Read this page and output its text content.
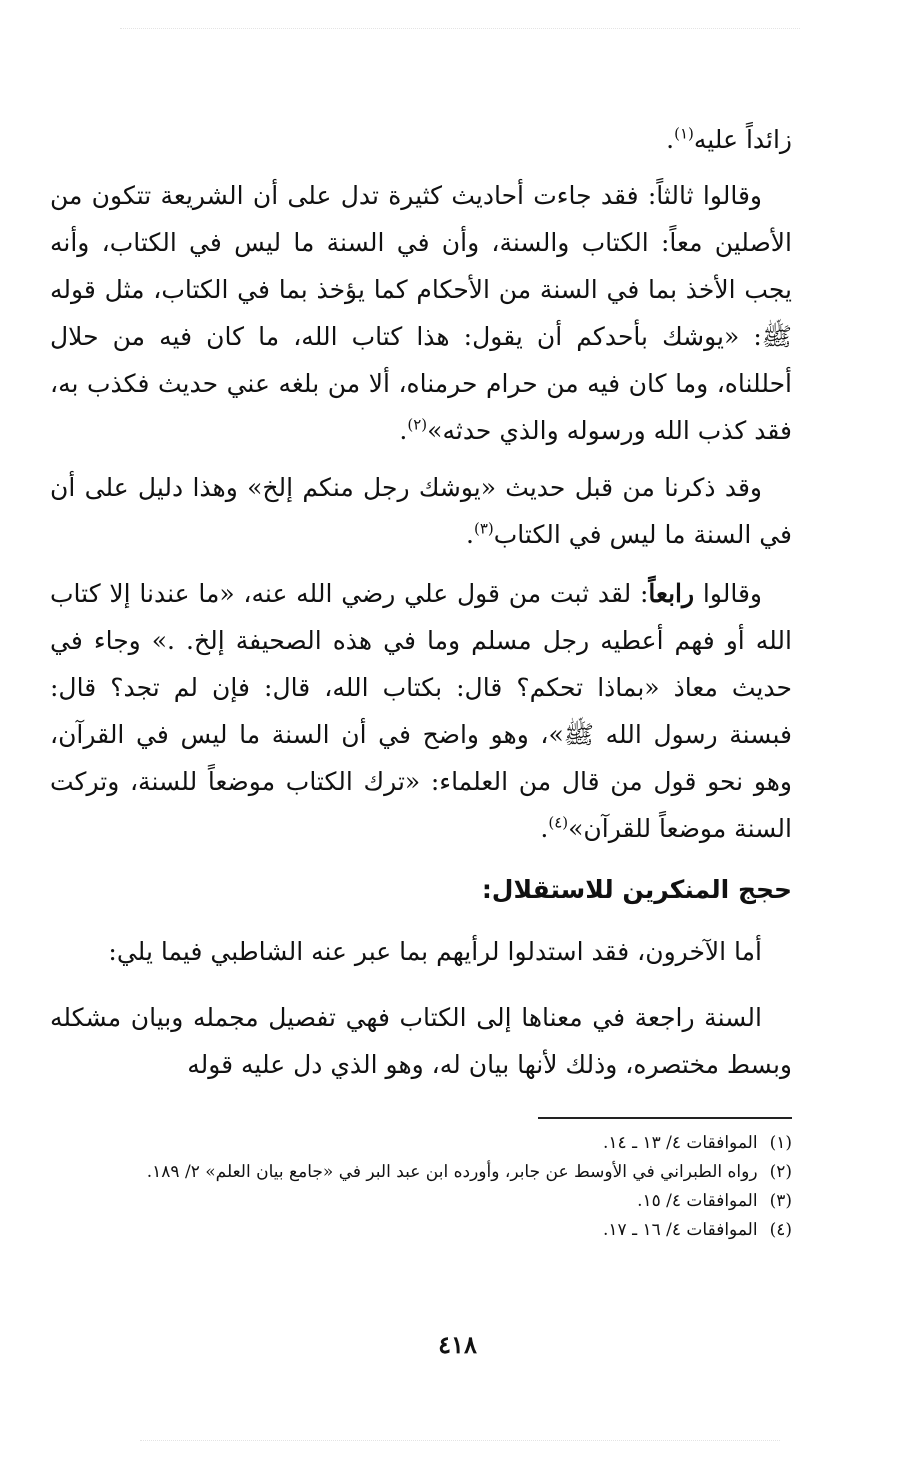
زائداً عليه$^{(١)}$.

وقالوا ثالثاً: فقد جاءت أحاديث كثيرة تدل على أن الشريعة تتكون من الأصلين معاً: الكتاب والسنة، وأن في السنة ما ليس في الكتاب، وأنه يجب الأخذ بما في السنة من الأحكام كما يؤخذ بما في الكتاب، مثل قوله ﷺ: «يوشك بأحدكم أن يقول: هذا كتاب الله، ما كان فيه من حلال أحللناه، وما كان فيه من حرام حرمناه، ألا من بلغه عني حديث فكذب به، فقد كذب الله ورسوله والذي حدثه»$^{(٢)}$.

وقد ذكرنا من قبل حديث «يوشك رجل منكم إلخ» وهذا دليل على أن في السنة ما ليس في الكتاب$^{(٣)}$.

وقالوا رابعاً: لقد ثبت من قول علي رضي الله عنه، «ما عندنا إلا كتاب الله أو فهم أعطيه رجل مسلم وما في هذه الصحيفة إلخ. .» وجاء في حديث معاذ «بماذا تحكم؟ قال: بكتاب الله، قال: فإن لم تجد؟ قال: فبسنة رسول الله ﷺ»، وهو واضح في أن السنة ما ليس في القرآن، وهو نحو قول من قال من العلماء: «ترك الكتاب موضعاً للسنة، وتركت السنة موضعاً للقرآن»$^{(٤)}$.

حجج المنكرين للاستقلال:

أما الآخرون، فقد استدلوا لرأيهم بما عبر عنه الشاطبي فيما يلي:

السنة راجعة في معناها إلى الكتاب فهي تفصيل مجمله وبيان مشكله وبسط مختصره، وذلك لأنها بيان له، وهو الذي دل عليه قوله

(١)الموافقات ٤/ ١٣ ـ ١٤.
(٢)رواه الطبراني في الأوسط عن جابر، وأورده ابن عبد البر في «جامع بيان العلم» ٢/ ١٨٩.
(٣)الموافقات ٤/ ١٥.
(٤)الموافقات ٤/ ١٦ ـ ١٧.
٤١٨
